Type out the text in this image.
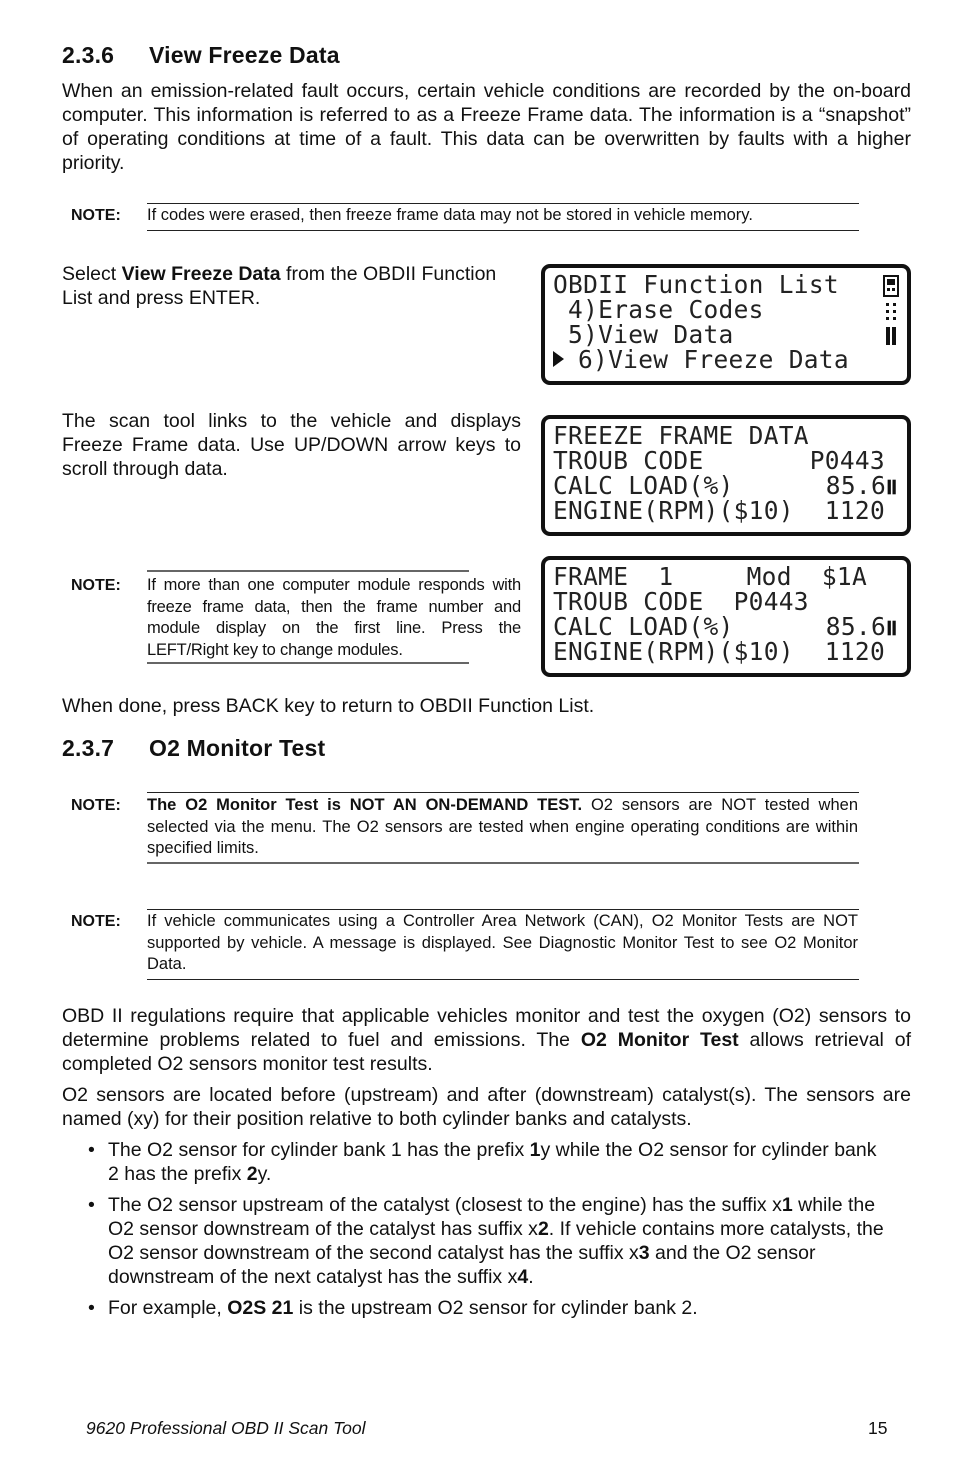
2.3.6 View Freeze Data
When an emission-related fault occurs, certain vehicle conditions are recorded by the on-board computer. This information is referred to as a Freeze Frame data. The information is a “snapshot” of operating conditions at time of a fault. This data can be overwritten by faults with a higher priority.
NOTE: If codes were erased, then freeze frame data may not be stored in vehicle memory.
Select View Freeze Data from the OBDII Function List and press ENTER.	OBDII Function List
4)Erase Codes
5)View Data
6)View Freeze Data
The scan tool links to the vehicle and displays Freeze Frame data. Use UP/DOWN arrow keys to scroll through data.
FREEZE FRAME DATA
TROUB CODE	P0443
CALC LOAD(%)	85.6
ENGINE(RPM)($10) 1120
NOTE: If more than one computer module responds with freeze frame data, then the frame number and module display on the first line. Press the LEFT/Right key to change modules.
FRAME  1	Mod  $1A
TROUB CODE  P0443
CALC LOAD(%)	85.6
ENGINE(RPM)($10) 1120
When done, press BACK key to return to OBDII Function List.
2.3.7 O2 Monitor Test
NOTE: The O2 Monitor Test is NOT AN ON-DEMAND TEST. O2 sensors are NOT tested when selected via the menu. The O2 sensors are tested when engine operating conditions are within specified limits.
NOTE: If vehicle communicates using a Controller Area Network (CAN), O2 Monitor Tests are NOT supported by vehicle. A message is displayed. See Diagnostic Monitor Test to see O2 Monitor Data.
OBD II regulations require that applicable vehicles monitor and test the oxygen (O2) sensors to determine problems related to fuel and emissions. The O2 Monitor Test allows retrieval of completed O2 sensors monitor test results.
O2 sensors are located before (upstream) and after (downstream) catalyst(s). The sensors are named (xy) for their position relative to both cylinder banks and catalysts.
• The O2 sensor for cylinder bank 1 has the prefix 1y while the O2 sensor for cylinder bank 2 has the prefix 2y.
• The O2 sensor upstream of the catalyst (closest to the engine) has the suffix x1 while the O2 sensor downstream of the catalyst has suffix x2. If vehicle contains more catalysts, the O2 sensor downstream of the second catalyst has the suffix x3 and the O2 sensor downstream of the next catalyst has the suffix x4.
• For example, O2S 21 is the upstream O2 sensor for cylinder bank 2.
9620 Professional OBD II Scan Tool	15
